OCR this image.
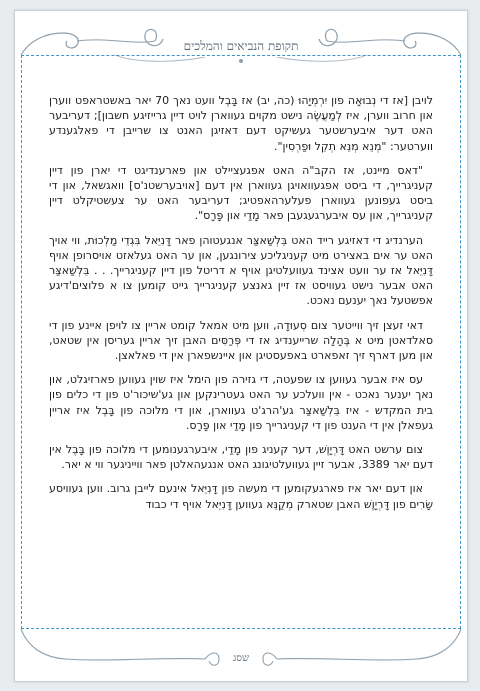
תקופת הנביאים והמלכים

לויבן [אז די נְבוּאָה פון יִרְמְיָהוּ (כה, יב) אז בָּבֶל וועט נאך 70 יאר באשטראפט ווערן און חרוב ווערן, איז לְמַעֲשֶׂה נישט מקוים געווארן לויט דיין גרייזיגע חשבון]; דעריבער האט דער איבערשטער געשיקט דעם דאזיגן האנט צו שרייבן די פאלגענדע ווערטער: "מְנֵא מְנֵא תְקֵל וּפַרְסִין".

"דאס מיינט, אז הקב"ה האט אפגעציילט און פארענדיגט די יארן פון דיין קעניגרייך, די ביסט אפגעוואויגן געווארן אין דעם [אויבערשטנ'ס] וואגשאל, און די ביסט געפונען געווארן פעלערהאפטיג; דעריבער האט ער צעשטיקלט דיין קעניגרייך, און עס איבערגעגעבן פאר מָדַי און פָּרָס".

הערנדיג די דאזיגע רייד האט בֵּלְשַׁאצַּר אנגעטוהן פאר דָּנִיֵּאל בִּגְדֵי מַלְכוּת, ווי אויך האט ער אים באצירט מיט קעניגליכע צירונגען, און ער האט געלאזט אויסרופן אויף דָּנִיֵּאל אז ער וועט אצינד געוועלטיגן אויף א דריטל פון דיין קעניגרייך. . . בֵּלְשַׁאצַּר האט אבער נישט געוויסט אז זיין גאנצע קעניגרייך גייט קומען צו א פלוצים'דיגע אפשטעל נאך יענעם נאכט.

דאי זעצן זיך ווייטער צום סְעוּדָה, ווען מיט אמאל קומט אריין צו לויפן איינע פון די סאלדאטן מיט א בֶּהָלָה שרייענדיג אז די פְּרַסִּים האבן זיך אריין געריסן אין שטאט, און מען דארף זיך זאפארט באפעסטיגן און איינשפארן אין די פאלאצן.

עס איז אבער געווען צו שפעטה, די גזירה פון הימל איז שוין געווען פארזיגלט, און נאך יענער נאכט - אין וועלכע ער האט געטרינקען און גע'שיכור'ט פון די כלים פון בית המקדש - איז בֵּלְשַׁאצַּר גע'הרג'ט געווארן, און די מלוכה פון בָּבֶל איז אריין געפאלן אין די הענט פון די קעניגרייך פון מָדַי און פָּרָס.

צום ערשט האט דָּרְיָוֶשׁ, דער קעניג פון מָדַי, איבערגענומען די מלוכה פון בָּבֶל אין דעם יאר 3389, אבער זיין געוועלטיגונג האט אנגעהאלטן פאר ווייניגער ווי א יאר.

און דעם יאר איז פארגעקומען די מעשה פון דָּנִיֵּאל אינעם לייבן גרוב. ווען געוויסע שָׂרִים פון דָּרְיָוֶשׁ האבן שטארק מְקַנֵּא געווען דָּנִיֵּאל אויף די כבוד

שסג
